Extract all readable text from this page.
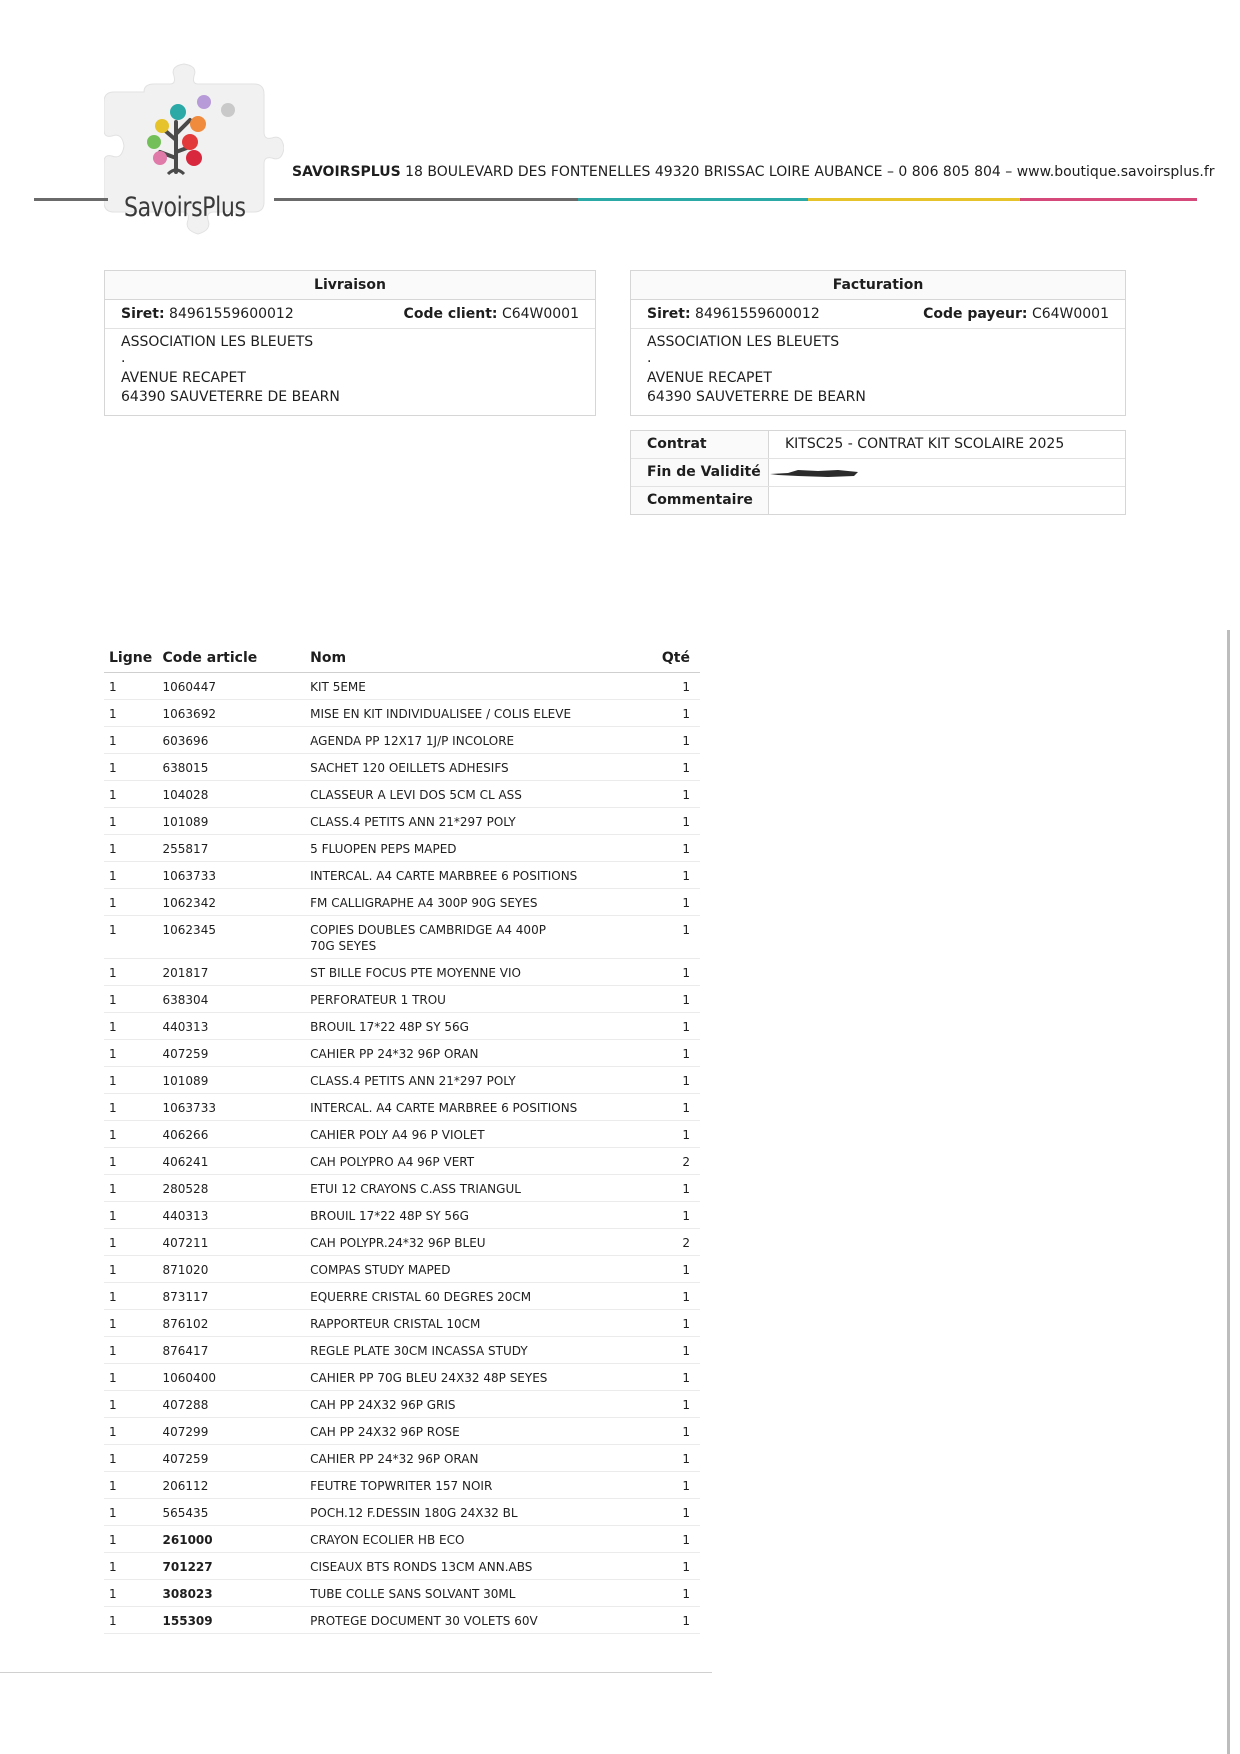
SavoirsPlus
SAVOIRSPLUS 18 BOULEVARD DES FONTENELLES 49320 BRISSAC LOIRE AUBANCE – 0 806 805 804 – www.boutique.savoirsplus.fr
Livraison
Siret: 84961559600012	Code client: C64W0001
ASSOCIATION LES BLEUETS
.
AVENUE RECAPET
64390 SAUVETERRE DE BEARN
Facturation
Siret: 84961559600012	Code payeur: C64W0001
ASSOCIATION LES BLEUETS
.
AVENUE RECAPET
64390 SAUVETERRE DE BEARN
Contrat	KITSC25 - CONTRAT KIT SCOLAIRE 2025
Fin de Validité
Commentaire
Ligne	Code article	Nom	Qté
1	1060447	KIT 5EME	1
1	1063692	MISE EN KIT INDIVIDUALISEE / COLIS ELEVE	1
1	603696	AGENDA PP 12X17 1J/P INCOLORE	1
1	638015	SACHET 120 OEILLETS ADHESIFS	1
1	104028	CLASSEUR A LEVI DOS 5CM CL ASS	1
1	101089	CLASS.4 PETITS ANN 21*297 POLY	1
1	255817	5 FLUOPEN PEPS MAPED	1
1	1063733	INTERCAL. A4 CARTE MARBREE 6 POSITIONS	1
1	1062342	FM CALLIGRAPHE A4 300P 90G SEYES	1
1	1062345	COPIES DOUBLES CAMBRIDGE A4 400P 70G SEYES	1
1	201817	ST BILLE FOCUS PTE MOYENNE VIO	1
1	638304	PERFORATEUR 1 TROU	1
1	440313	BROUIL 17*22 48P SY 56G	1
1	407259	CAHIER PP 24*32 96P ORAN	1
1	101089	CLASS.4 PETITS ANN 21*297 POLY	1
1	1063733	INTERCAL. A4 CARTE MARBREE 6 POSITIONS	1
1	406266	CAHIER POLY A4 96 P VIOLET	1
1	406241	CAH POLYPRO A4 96P VERT	2
1	280528	ETUI 12 CRAYONS C.ASS TRIANGUL	1
1	440313	BROUIL 17*22 48P SY 56G	1
1	407211	CAH POLYPR.24*32 96P BLEU	2
1	871020	COMPAS STUDY MAPED	1
1	873117	EQUERRE CRISTAL 60 DEGRES 20CM	1
1	876102	RAPPORTEUR CRISTAL 10CM	1
1	876417	REGLE PLATE 30CM INCASSA STUDY	1
1	1060400	CAHIER PP 70G BLEU 24X32 48P SEYES	1
1	407288	CAH PP 24X32 96P GRIS	1
1	407299	CAH PP 24X32 96P ROSE	1
1	407259	CAHIER PP 24*32 96P ORAN	1
1	206112	FEUTRE TOPWRITER 157 NOIR	1
1	565435	POCH.12 F.DESSIN 180G 24X32 BL	1
1	261000	CRAYON ECOLIER HB ECO	1
1	701227	CISEAUX BTS RONDS 13CM ANN.ABS	1
1	308023	TUBE COLLE SANS SOLVANT 30ML	1
1	155309	PROTEGE DOCUMENT 30 VOLETS 60V	1
